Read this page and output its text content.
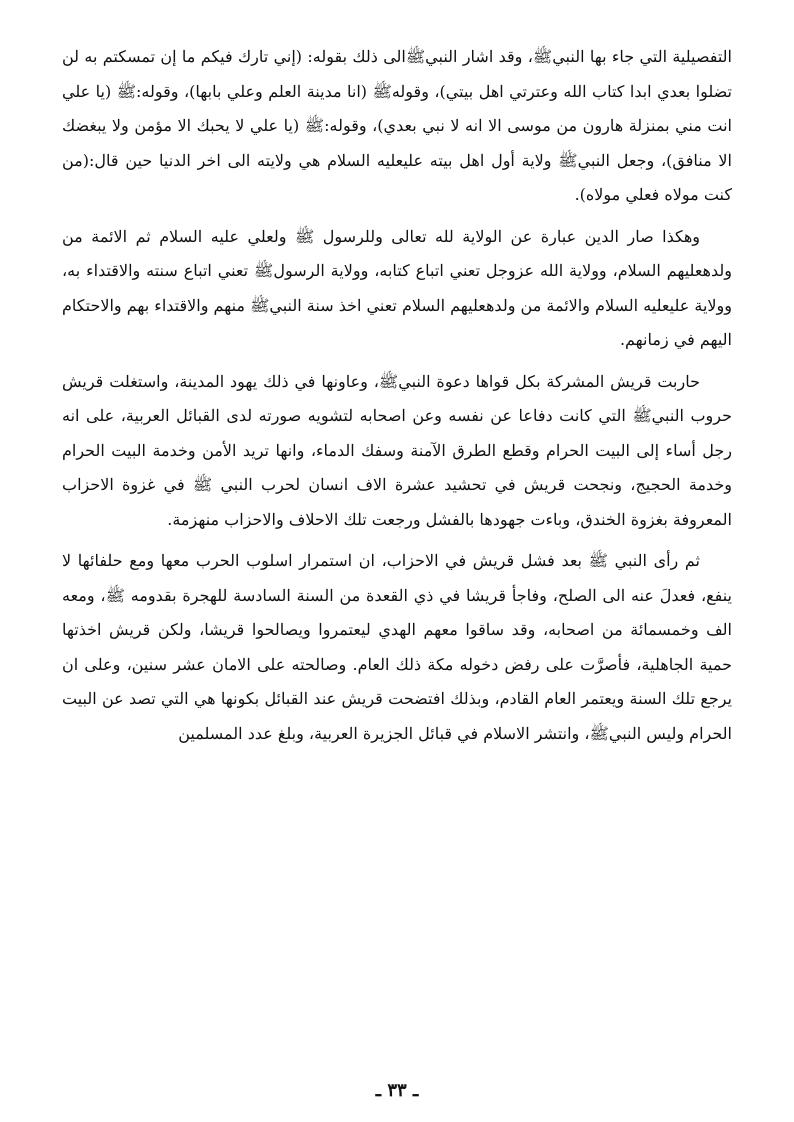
التفصيلية التي جاء بها النبيﷺ، وقد اشار النبيﷺالى ذلك بقوله: (إني تارك فيكم ما إن تمسكتم به لن تضلوا بعدي ابدا كتاب الله وعترتي اهل بيتي)، وقولهﷺ (انا مدينة العلم وعلي بابها)، وقوله:ﷺ (يا علي انت مني بمنزلة هارون من موسى الا انه لا نبي بعدي)، وقوله:ﷺ (يا علي لا يحبك الا مؤمن ولا يبغضك الا منافق)، وجعل النبيﷺ ولاية أول اهل بيته عليعليه السلام هي ولايته الى اخر الدنيا حين قال:(من كنت مولاه فعلي مولاه).

وهكذا صار الدين عبارة عن الولاية لله تعالى وللرسول ﷺ ولعلي عليه السلام ثم الائمة من ولدهعليهم السلام، وولاية الله عزوجل تعني اتباع كتابه، وولاية الرسولﷺ تعني اتباع سنته والاقتداء به، وولاية عليعليه السلام والائمة من ولدهعليهم السلام تعني اخذ سنة النبيﷺ منهم والاقتداء بهم والاحتكام اليهم في زمانهم.

حاربت قريش المشركة بكل قواها دعوة النبيﷺ، وعاونها في ذلك يهود المدينة، واستغلت قريش حروب النبيﷺ التي كانت دفاعا عن نفسه وعن اصحابه لتشويه صورته لدى القبائل العربية، على انه رجل أساء إلى البيت الحرام وقطع الطرق الآمنة وسفك الدماء، وانها تريد الأمن وخدمة البيت الحرام وخدمة الحجيج، ونجحت قريش في تحشيد عشرة الاف انسان لحرب النبي ﷺ في غزوة الاحزاب المعروفة بغزوة الخندق، وباءت جهودها بالفشل ورجعت تلك الاحلاف والاحزاب منهزمة.

ثم رأى النبي ﷺ بعد فشل قريش في الاحزاب، ان استمرار اسلوب الحرب معها ومع حلفائها لا ينفع، فعدلَ عنه الى الصلح، وفاجأ قريشا في ذي القعدة من السنة السادسة للهجرة بقدومه ﷺ، ومعه الف وخمسمائة من اصحابه، وقد ساقوا معهم الهدي ليعتمروا ويصالحوا قريشا، ولكن قريش اخذتها حمية الجاهلية، فأصرَّت على رفض دخوله مكة ذلك العام. وصالحته على الامان عشر سنين، وعلى ان يرجع تلك السنة ويعتمر العام القادم، وبذلك افتضحت قريش عند القبائل بكونها هي التي تصد عن البيت الحرام وليس النبيﷺ، وانتشر الاسلام في قبائل الجزيرة العربية، وبلغ عدد المسلمين

ـ ٣٣ ـ
